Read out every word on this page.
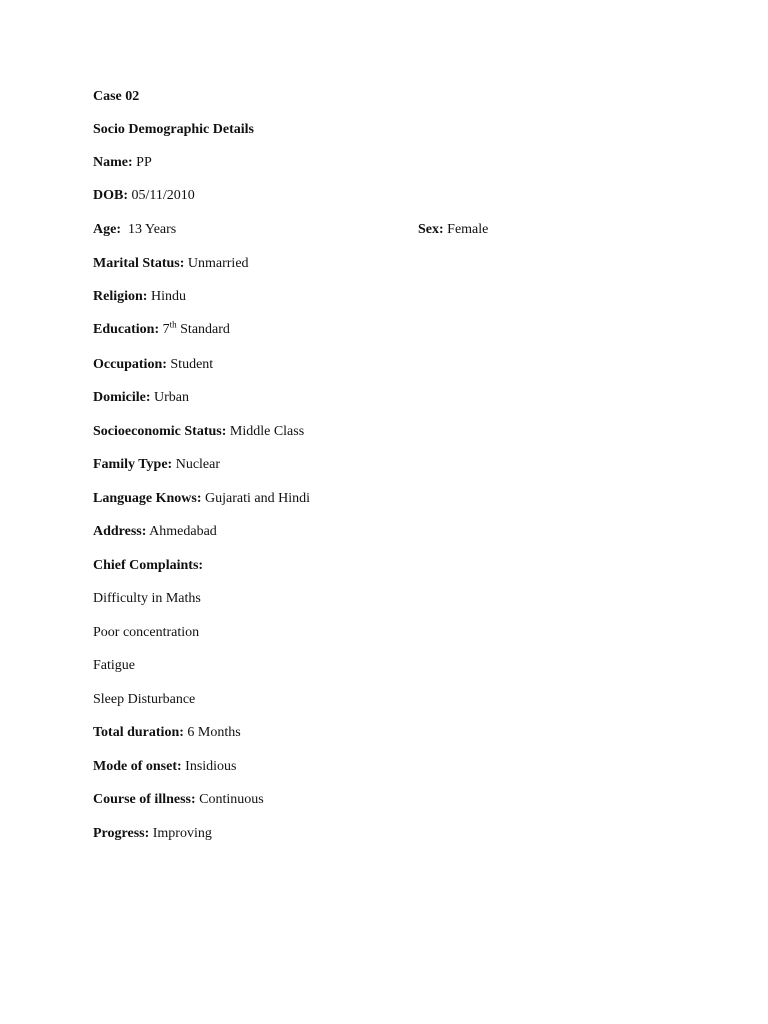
Case 02
Socio Demographic Details
Name: PP
DOB: 05/11/2010
Age: 13 Years	Sex: Female
Marital Status: Unmarried
Religion: Hindu
Education: 7th Standard
Occupation: Student
Domicile: Urban
Socioeconomic Status: Middle Class
Family Type: Nuclear
Language Knows: Gujarati and Hindi
Address: Ahmedabad
Chief Complaints:
Difficulty in Maths
Poor concentration
Fatigue
Sleep Disturbance
Total duration: 6 Months
Mode of onset: Insidious
Course of illness: Continuous
Progress: Improving
